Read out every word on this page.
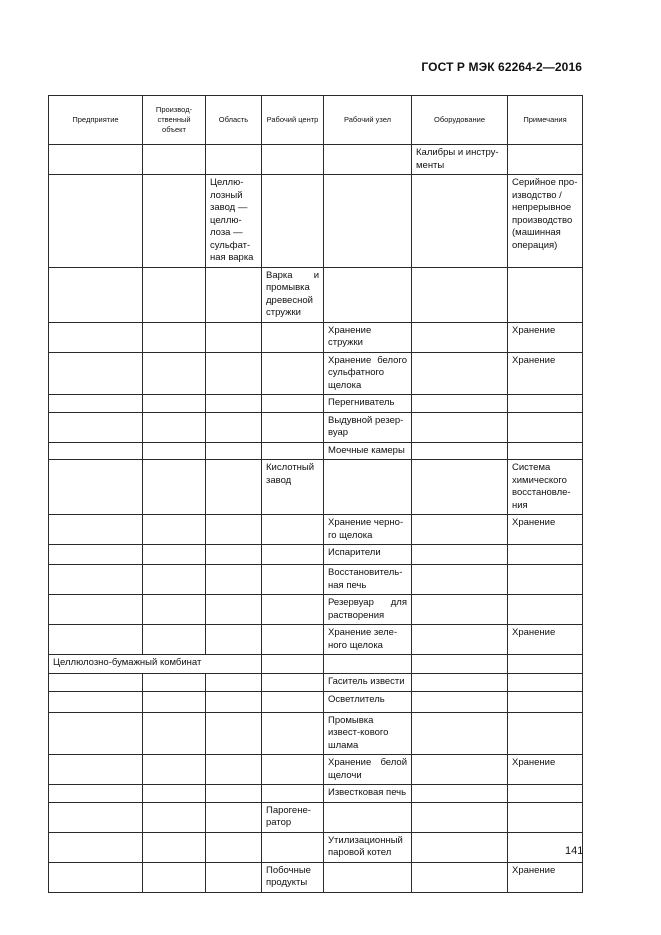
ГОСТ Р МЭК 62264-2—2016
Предприятие	Производ-ственный объект	Область	Рабочий центр	Рабочий узел	Оборудование	Примечания
					Калибры и инстру-менты	
		Целлю-лозный завод — целлю-лоза — сульфат-ная варка				Серийное про-изводство / непрерывное производство (машинная операция)
			Варка и промывка древесной стружки			
				Хранение стружки		Хранение
				Хранение белого сульфатного щелока		Хранение
				Перегниватель		
				Выдувной резер-вуар		
				Моечные камеры		
			Кислотный завод			Система химического восстановле-ния
				Хранение черно-го щелока		Хранение
				Испарители		
				Восстановитель-ная печь		
				Резервуар для растворения		
				Хранение зеле-ного щелока		Хранение
Целлюлозно-бумажный комбинат						
				Гаситель извести		
				Осветлитель		
				Промывка извест-кового шлама		
				Хранение белой щелочи		Хранение
				Известковая печь		
			Парогене-ратор			
				Утилизационный паровой котел		
			Побочные продукты			Хранение
141
